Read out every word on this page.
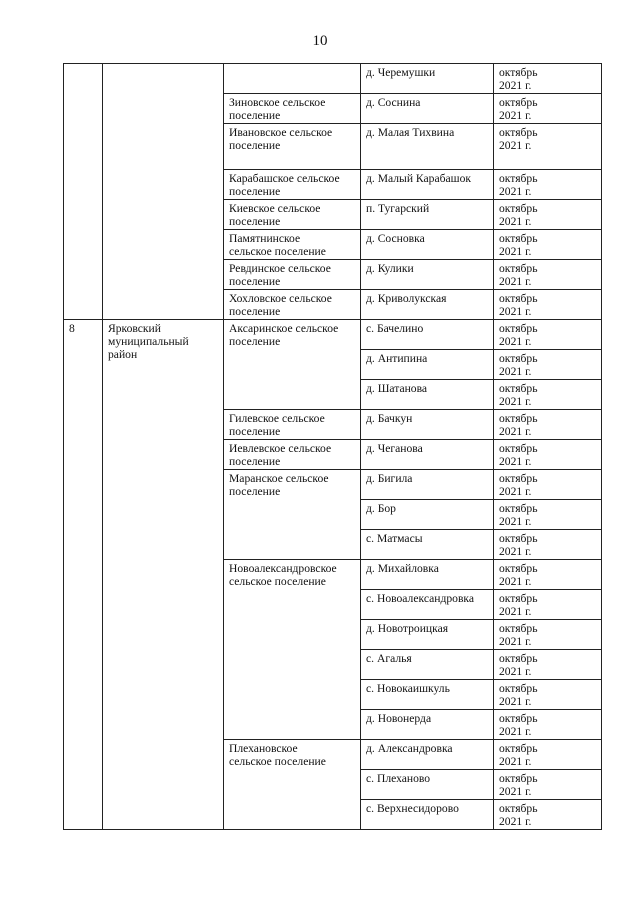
10

			д. Черемушки	октябрь
2021 г.

		Зиновское сельское
поселение	д. Соснина	октябрь
2021 г.

		Ивановское сельское
поселение	д. Малая Тихвина	октябрь
2021 г.

		Карабашское сельское
поселение	д. Малый Карабашок	октябрь
2021 г.

		Киевское сельское
поселение	п. Тугарский	октябрь
2021 г.

		Памятнинское
сельское поселение	д. Сосновка	октябрь
2021 г.

		Ревдинское сельское
поселение	д. Кулики	октябрь
2021 г.

		Хохловское сельское
поселение	д. Криволукская	октябрь
2021 г.

8	Ярковский
муниципальный
район	Аксаринское сельское
поселение	с. Бачелино	октябрь
2021 г.

			д. Антипина	октябрь
2021 г.

			д. Шатанова	октябрь
2021 г.

		Гилевское сельское
поселение	д. Бачкун	октябрь
2021 г.

		Иевлевское сельское
поселение	д. Чеганова	октябрь
2021 г.

		Маранское сельское
поселение	д. Бигила	октябрь
2021 г.

			д. Бор	октябрь
2021 г.

			с. Матмасы	октябрь
2021 г.

		Новоалександровское
сельское поселение	д. Михайловка	октябрь
2021 г.

			с. Новоалександровка	октябрь
2021 г.

			д. Новотроицкая	октябрь
2021 г.

			с. Агалья	октябрь
2021 г.

			с. Новокаишкуль	октябрь
2021 г.

			д. Новонерда	октябрь
2021 г.

		Плехановское
сельское поселение	д. Александровка	октябрь
2021 г.

			с. Плеханово	октябрь
2021 г.

			с. Верхнесидорово	октябрь
2021 г.
